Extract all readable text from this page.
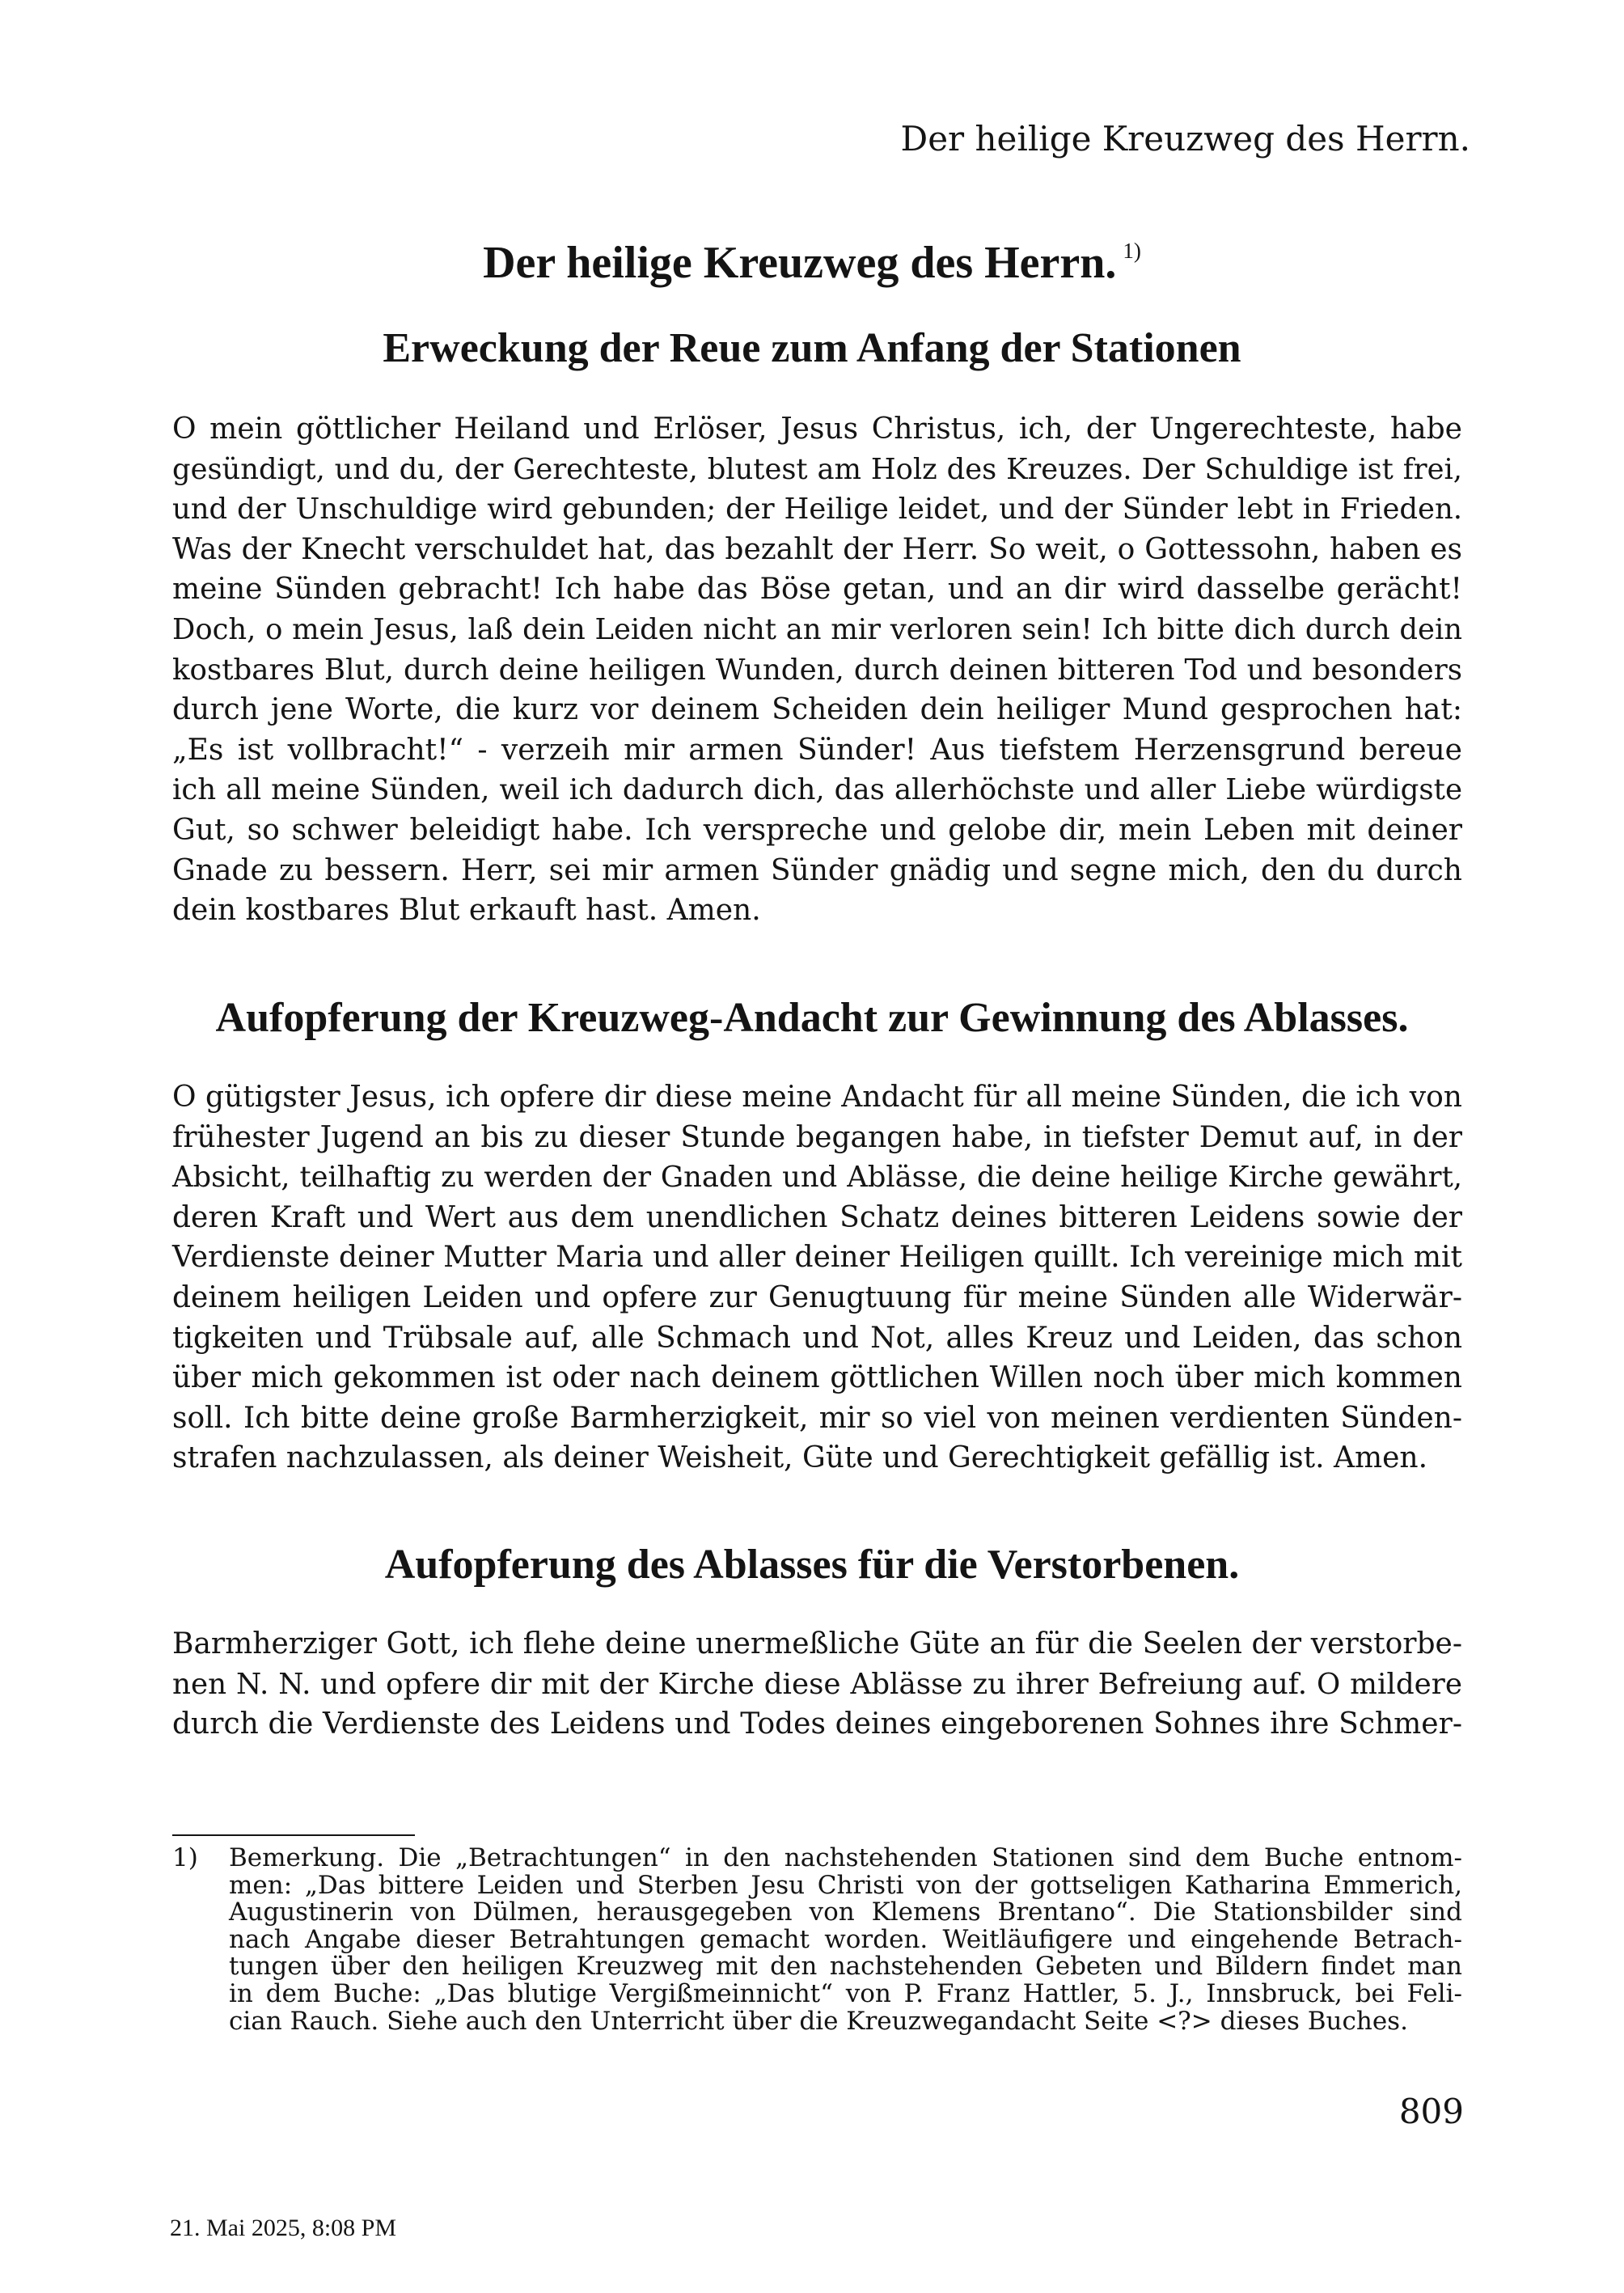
Der heilige Kreuzweg des Herrn.
Der heilige Kreuzweg des Herrn. $^{1)}$
Erweckung der Reue zum Anfang der Stationen
O mein göttlicher Heiland und Erlöser, Jesus Christus, ich, der Ungerechteste, habe
gesündigt, und du, der Gerechteste, blutest am Holz des Kreuzes. Der Schuldige ist frei,
und der Unschuldige wird gebunden; der Heilige leidet, und der Sünder lebt in Frieden.
Was der Knecht verschuldet hat, das bezahlt der Herr. So weit, o Gottessohn, haben es
meine Sünden gebracht! Ich habe das Böse getan, und an dir wird dasselbe gerächt!
Doch, o mein Jesus, laß dein Leiden nicht an mir verloren sein! Ich bitte dich durch dein
kostbares Blut, durch deine heiligen Wunden, durch deinen bitteren Tod und besonders
durch jene Worte, die kurz vor deinem Scheiden dein heiliger Mund gesprochen hat:
„Es ist vollbracht!“ - verzeih mir armen Sünder! Aus tiefstem Herzensgrund bereue
ich all meine Sünden, weil ich dadurch dich, das allerhöchste und aller Liebe würdigste
Gut, so schwer beleidigt habe. Ich verspreche und gelobe dir, mein Leben mit deiner
Gnade zu bessern. Herr, sei mir armen Sünder gnädig und segne mich, den du durch
dein kostbares Blut erkauft hast. Amen.
Aufopferung der Kreuzweg-Andacht zur Gewinnung des Ablasses.
O gütigster Jesus, ich opfere dir diese meine Andacht für all meine Sünden, die ich von
frühester Jugend an bis zu dieser Stunde begangen habe, in tiefster Demut auf, in der
Absicht, teilhaftig zu werden der Gnaden und Ablässe, die deine heilige Kirche gewährt,
deren Kraft und Wert aus dem unendlichen Schatz deines bitteren Leidens sowie der
Verdienste deiner Mutter Maria und aller deiner Heiligen quillt. Ich vereinige mich mit
deinem heiligen Leiden und opfere zur Genugtuung für meine Sünden alle Widerwär-
tigkeiten und Trübsale auf, alle Schmach und Not, alles Kreuz und Leiden, das schon
über mich gekommen ist oder nach deinem göttlichen Willen noch über mich kommen
soll. Ich bitte deine große Barmherzigkeit, mir so viel von meinen verdienten Sünden-
strafen nachzulassen, als deiner Weisheit, Güte und Gerechtigkeit gefällig ist. Amen.
Aufopferung des Ablasses für die Verstorbenen.
Barmherziger Gott, ich flehe deine unermeßliche Güte an für die Seelen der verstorbe-
nen N. N. und opfere dir mit der Kirche diese Ablässe zu ihrer Befreiung auf. O mildere
durch die Verdienste des Leidens und Todes deines eingeborenen Sohnes ihre Schmer-
1) Bemerkung. Die „Betrachtungen“ in den nachstehenden Stationen sind dem Buche entnom-
men: „Das bittere Leiden und Sterben Jesu Christi von der gottseligen Katharina Emmerich,
Augustinerin von Dülmen, herausgegeben von Klemens Brentano“. Die Stationsbilder sind
nach Angabe dieser Betrahtungen gemacht worden. Weitläufigere und eingehende Betrach-
tungen über den heiligen Kreuzweg mit den nachstehenden Gebeten und Bildern findet man
in dem Buche: „Das blutige Vergißmeinnicht“ von P. Franz Hattler, 5. J., Innsbruck, bei Feli-
cian Rauch. Siehe auch den Unterricht über die Kreuzwegandacht Seite <?> dieses Buches.
809
21. Mai 2025, 8:08 PM
